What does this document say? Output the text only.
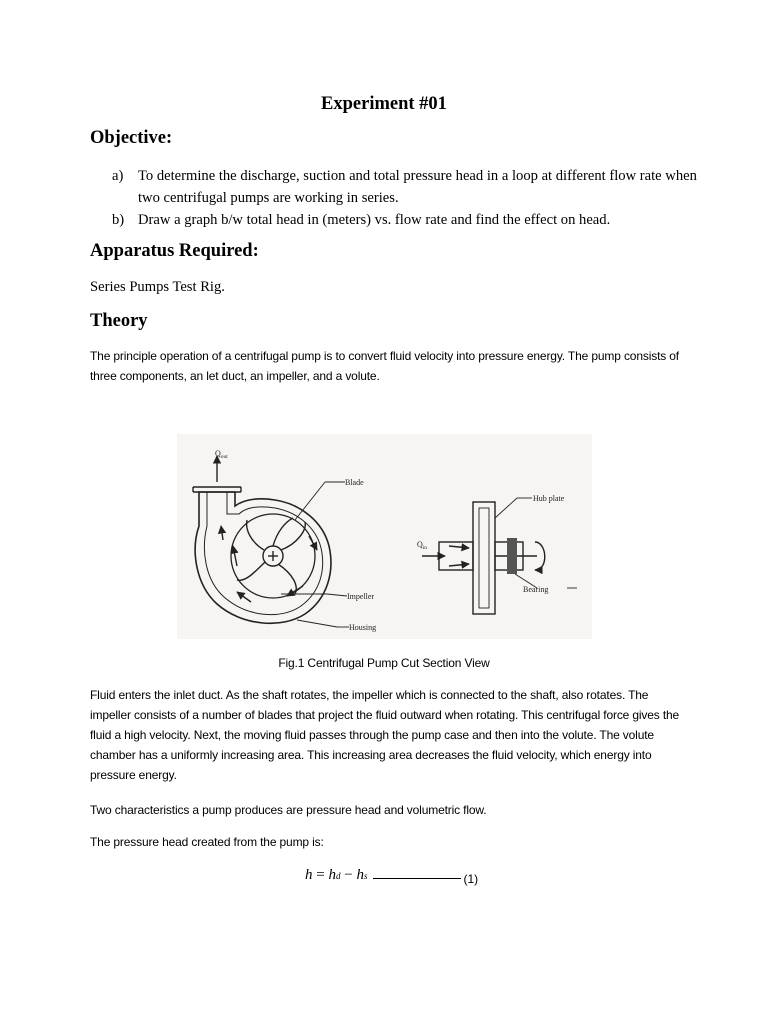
Experiment #01
Objective:
a)	To determine the discharge, suction and total pressure head in a loop at different flow rate when two centrifugal pumps are working in series.
b) Draw a graph b/w total head in (meters) vs. flow rate and find the effect on head.
Apparatus Required:
Series Pumps Test Rig.
Theory

The principle operation of a centrifugal pump is to convert fluid velocity into pressure energy. The pump consists of three components, an let duct, an impeller, and a volute.

$Q_{out}$
Blade
Hub plate
$Q_{in}$
Bearing
Impeller
Housing
Fig.1 Centrifugal Pump Cut Section View

Fluid enters the inlet duct. As the shaft rotates, the impeller which is connected to the shaft, also rotates. The impeller consists of a number of blades that project the fluid outward when rotating. This centrifugal force gives the fluid a high velocity. Next, the moving fluid passes through the pump case and then into the volute. The volute chamber has a uniformly increasing area. This increasing area decreases the fluid velocity, which energy into pressure energy.

Two characteristics a pump produces are pressure head and volumetric flow.

The pressure head created from the pump is:

h = h d − h s	(1)
